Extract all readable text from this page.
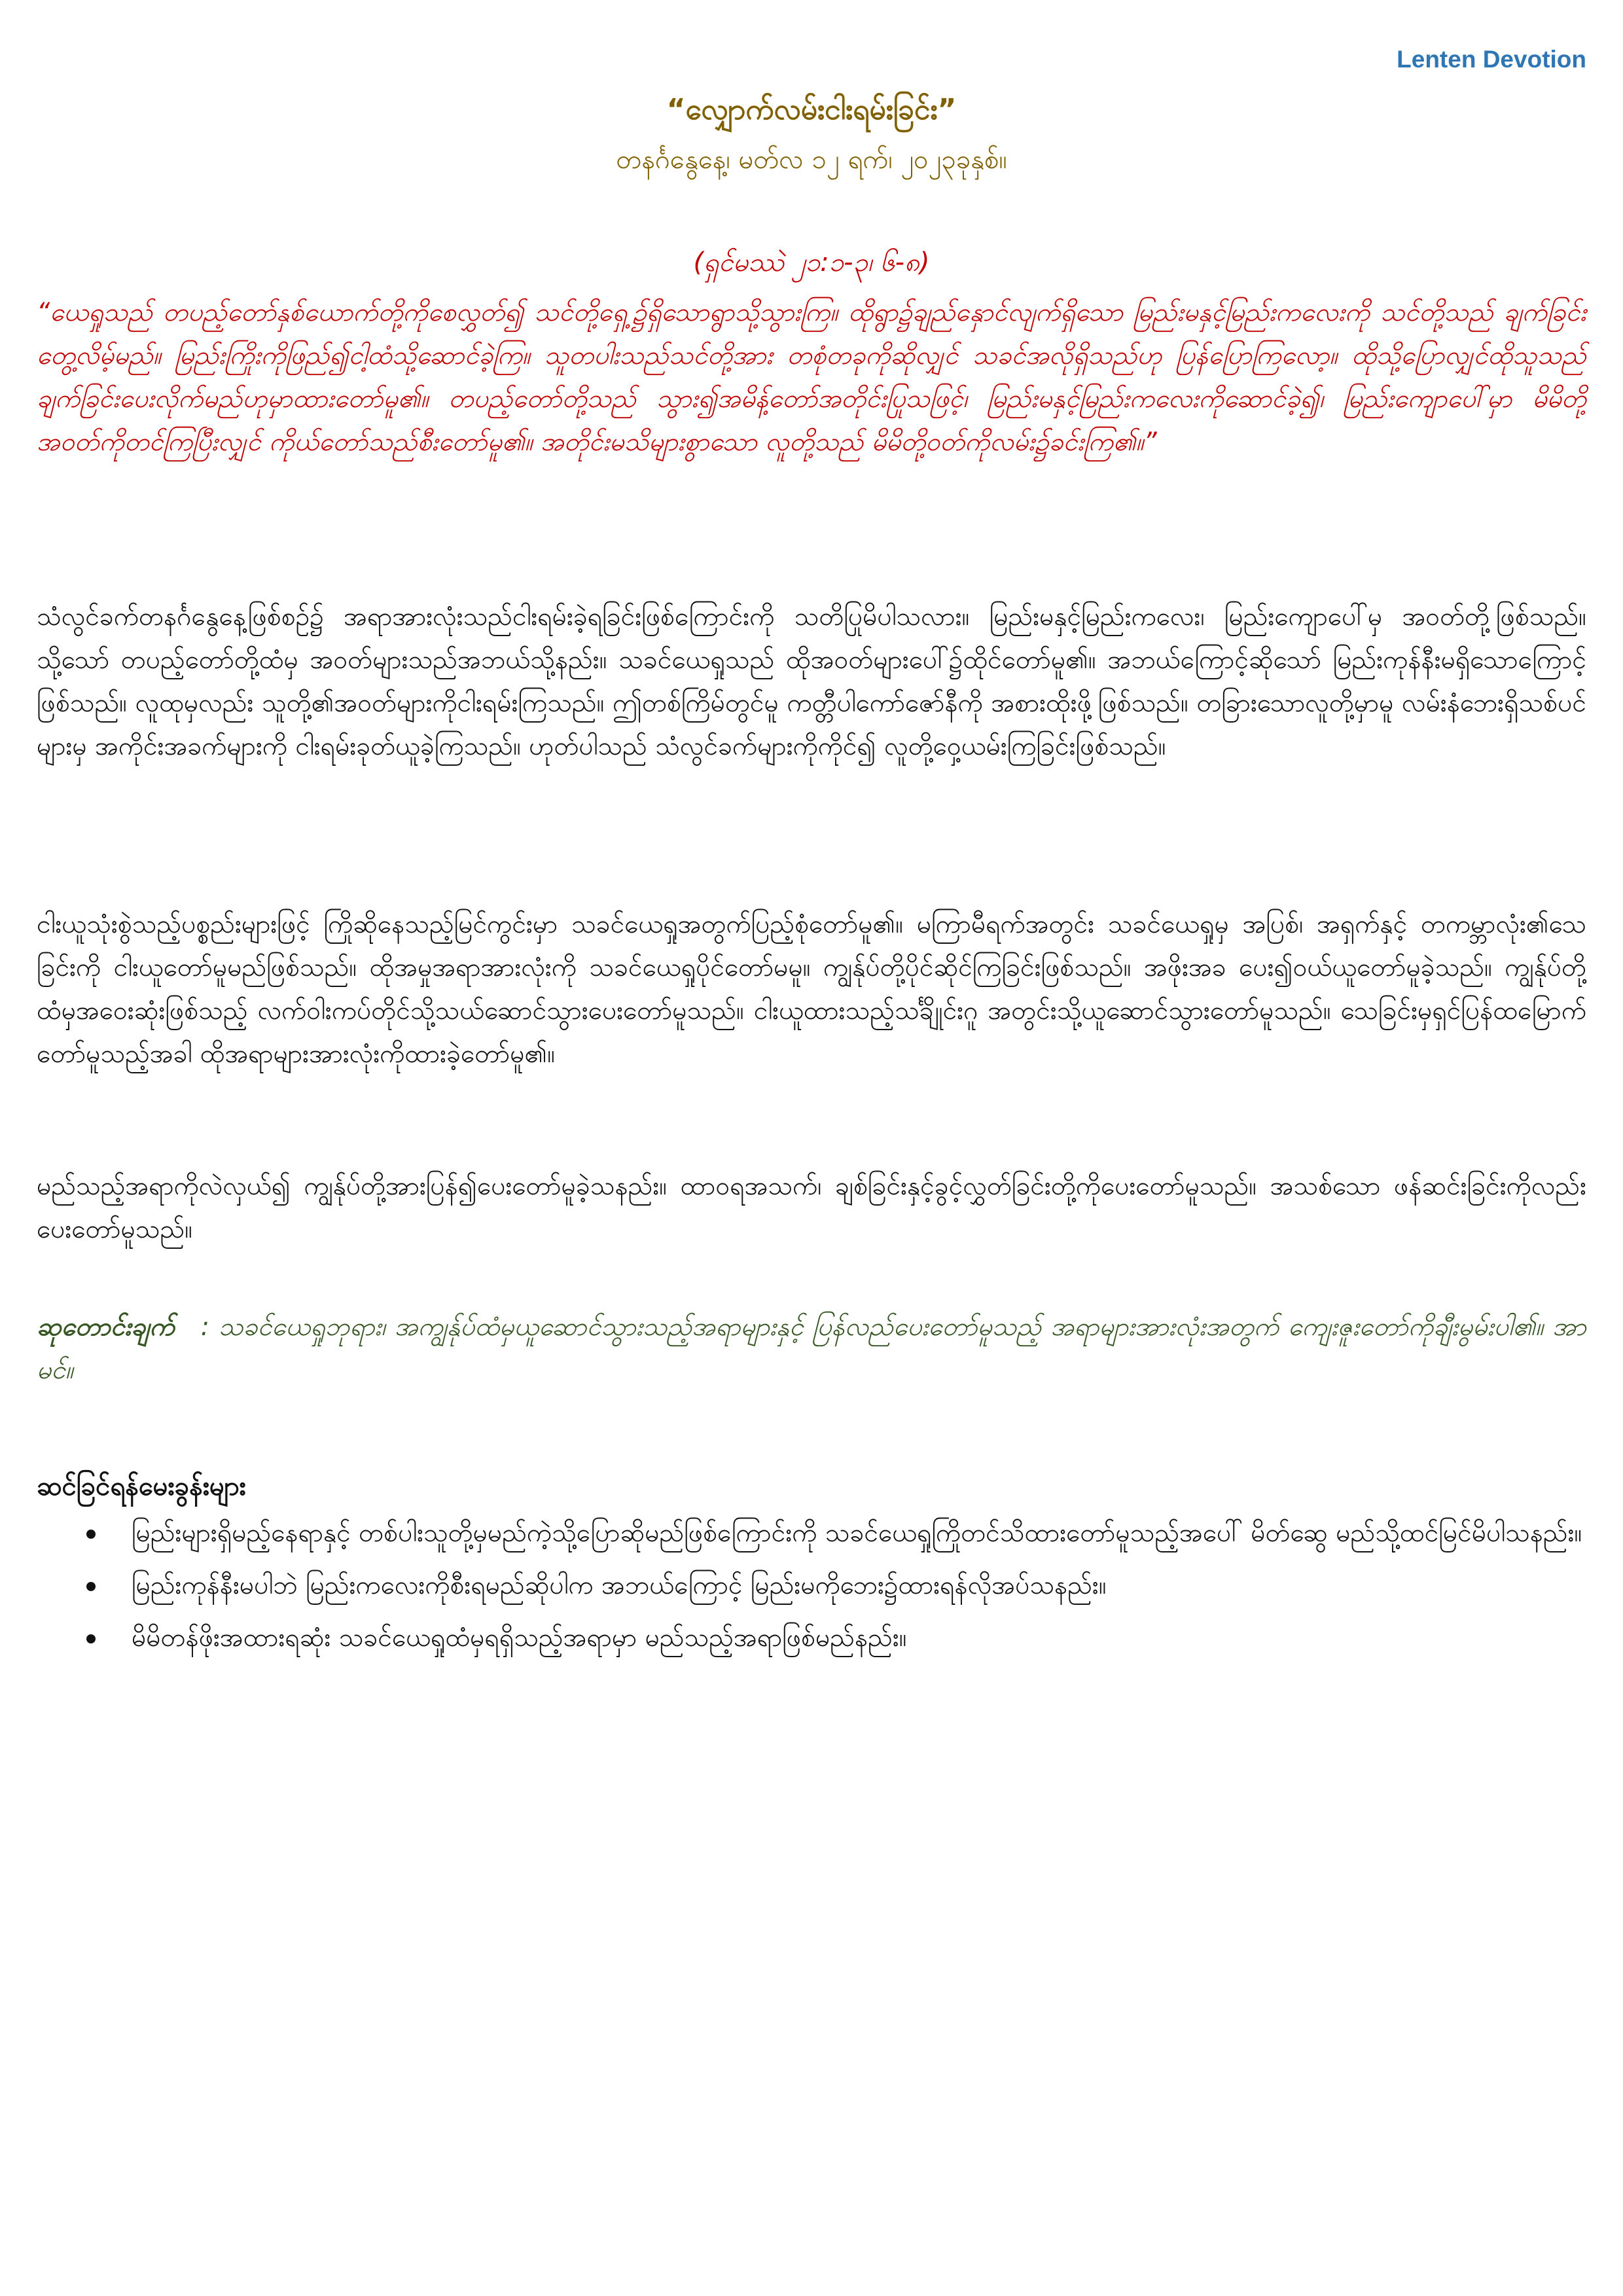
Lenten Devotion
“လျှောက်လမ်းငါးရမ်းခြင်း”
တနင်္ဂနွေနေ့၊ မတ်လ ၁၂ ရက်၊ ၂၀၂၃ခုနှစ်။
(ရှင်မဿဲ ၂၁:၁-၃၊ ၆-၈)
“ယေရှုသည် တပည့်တော်နှစ်ယောက်တို့ကိုစေလွှတ်၍ သင်တို့ရှေ့၌ရှိသောရွာသို့သွားကြ။ ထိုရွာ၌ချည်နှောင်လျက်ရှိသော မြည်းမနှင့်မြည်းကလေးကို သင်တို့သည် ချက်ခြင်းတွေ့လိမ့်မည်။ မြည်းကြိုးကိုဖြည်၍ငါ့ထံသို့ဆောင်ခဲ့ကြ။ သူတပါးသည်သင်တို့အား တစုံတခုကိုဆိုလျှင် သခင်အလိုရှိသည်ဟု ပြန်ပြောကြလော့။ ထိုသို့ပြောလျှင်ထိုသူသည် ချက်ခြင်းပေးလိုက်မည်ဟုမှာထားတော်မူ၏။ တပည့်တော်တို့သည် သွား၍အမိန့်တော်အတိုင်းပြုသဖြင့်၊ မြည်းမနှင့်မြည်းကလေးကိုဆောင်ခဲ့၍၊ မြည်းကျောပေါ်မှာ မိမိတို့အဝတ်ကိုတင်ကြပြီးလျှင် ကိုယ်တော်သည်စီးတော်မူ၏။ အတိုင်းမသိများစွာသော လူတို့သည် မိမိတို့ဝတ်ကိုလမ်း၌ခင်းကြ၏။”
သံလွင်ခက်တနင်္ဂနွေနေ့ဖြစ်စဉ်၌ အရာအားလုံးသည်ငါးရမ်းခဲ့ရခြင်းဖြစ်ကြောင်းကို သတိပြုမိပါသလား။ မြည်းမနှင့်မြည်းကလေး၊ မြည်းကျောပေါ်မှ အဝတ်တို့ဖြစ်သည်။ သို့သော် တပည့်တော်တို့ထံမှ အဝတ်များသည်အဘယ်သို့နည်း။ သခင်ယေရှုသည် ထိုအဝတ်များပေါ်၌ထိုင်တော်မူ၏။ အဘယ်ကြောင့်ဆိုသော် မြည်းကုန်နီးမရှိသောကြောင့်ဖြစ်သည်။ လူထုမှလည်း သူတို့၏အဝတ်များကိုငါးရမ်းကြသည်။ ဤတစ်ကြိမ်တွင်မူ ကတ္တီပါကော်ဇော်နီကို အစားထိုးဖို့ဖြစ်သည်။ တခြားသောလူတို့မှာမူ လမ်းနံဘေးရှိသစ်ပင်များမှ အကိုင်းအခက်များကို ငါးရမ်းခုတ်ယူခဲ့ကြသည်။ ဟုတ်ပါသည် သံလွင်ခက်များကိုကိုင်၍ လူတို့ဝှေ့ယမ်းကြခြင်းဖြစ်သည်။
ငါးယူသုံးစွဲသည့်ပစ္စည်းများဖြင့် ကြိုဆိုနေသည့်မြင်ကွင်းမှာ သခင်ယေရှုအတွက်ပြည့်စုံတော်မူ၏။ မကြာမီရက်အတွင်း သခင်ယေရှုမှ အပြစ်၊ အရှက်နှင့် တကမ္ဘာလုံး၏သေခြင်းကို ငါးယူတော်မူမည်ဖြစ်သည်။ ထိုအမှုအရာအားလုံးကို သခင်ယေရှုပိုင်တော်မမူ။ ကျွန်ုပ်တို့ပိုင်ဆိုင်ကြခြင်းဖြစ်သည်။ အဖိုးအခ ပေး၍ဝယ်ယူတော်မူခဲ့သည်။ ကျွန်ုပ်တို့ထံမှအဝေးဆုံးဖြစ်သည့် လက်ဝါးကပ်တိုင်သို့သယ်ဆောင်သွားပေးတော်မူသည်။ ငါးယူထားသည့်သင်္ချိုင်းဂူ အတွင်းသို့ယူဆောင်သွားတော်မူသည်။ သေခြင်းမှရှင်ပြန်ထမြောက်တော်မူသည့်အခါ ထိုအရာများအားလုံးကိုထားခဲ့တော်မူ၏။
မည်သည့်အရာကိုလဲလှယ်၍ ကျွန်ုပ်တို့အားပြန်၍ပေးတော်မူခဲ့သနည်း။ ထာဝရအသက်၊ ချစ်ခြင်းနှင့်ခွင့်လွှတ်ခြင်းတို့ကိုပေးတော်မူသည်။ အသစ်သော ဖန်ဆင်းခြင်းကိုလည်းပေးတော်မူသည်။
ဆုတောင်းချက် : သခင်ယေရှုဘုရား၊ အကျွန်ုပ်ထံမှယူဆောင်သွားသည့်အရာများနှင့် ပြန်လည်ပေးတော်မူသည့် အရာများအားလုံးအတွက် ကျေးဇူးတော်ကိုချီးမွမ်းပါ၏။ အာမင်။
ဆင်ခြင်ရန်မေးခွန်းများ
မြည်းများရှိမည့်နေရာနှင့် တစ်ပါးသူတို့မှမည်ကဲ့သို့ပြောဆိုမည်ဖြစ်ကြောင်းကို သခင်ယေရှုကြိုတင်သိထားတော်မူသည့်အပေါ် မိတ်ဆွေ မည်သို့ထင်မြင်မိပါသနည်း။
မြည်းကုန်နီးမပါဘဲ မြည်းကလေးကိုစီးရမည်ဆိုပါက အဘယ်ကြောင့် မြည်းမကိုဘေး၌ထားရန်လိုအပ်သနည်း။
မိမိတန်ဖိုးအထားရဆုံး သခင်ယေရှုထံမှရရှိသည့်အရာမှာ မည်သည့်အရာဖြစ်မည်နည်း။
